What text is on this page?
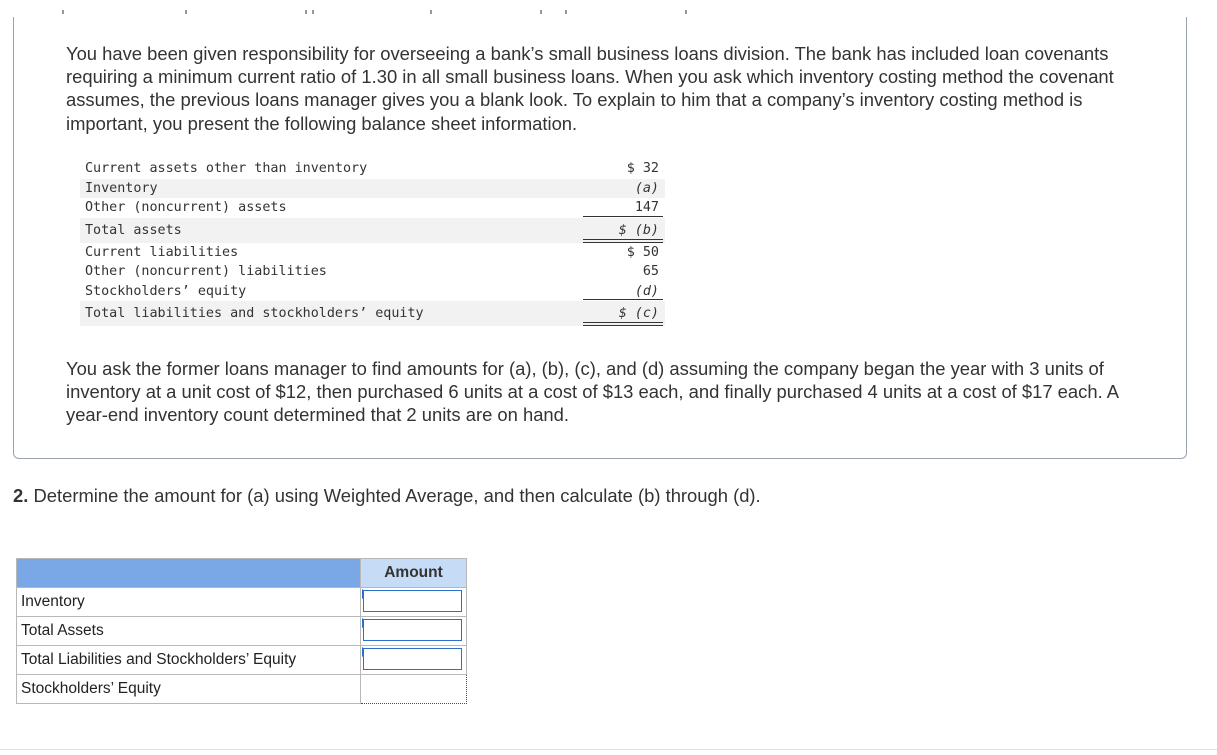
You have been given responsibility for overseeing a bank’s small business loans division. The bank has included loan covenants requiring a minimum current ratio of 1.30 in all small business loans. When you ask which inventory costing method the covenant assumes, the previous loans manager gives you a blank look. To explain to him that a company’s inventory costing method is important, you present the following balance sheet information.

Current assets other than inventory	$ 32
Inventory	(a)
Other (noncurrent) assets	147
Total assets	$ (b)
Current liabilities	$ 50
Other (noncurrent) liabilities	65
Stockholders’ equity	(d)
Total liabilities and stockholders’ equity	$ (c)

You ask the former loans manager to find amounts for (a), (b), (c), and (d) assuming the company began the year with 3 units of inventory at a unit cost of $12, then purchased 6 units at a cost of $13 each, and finally purchased 4 units at a cost of $17 each. A year-end inventory count determined that 2 units are on hand.

2. Determine the amount for (a) using Weighted Average, and then calculate (b) through (d).

	Amount
Inventory	

Total Assets	

Total Liabilities and Stockholders’ Equity	

Stockholders’ Equity	
